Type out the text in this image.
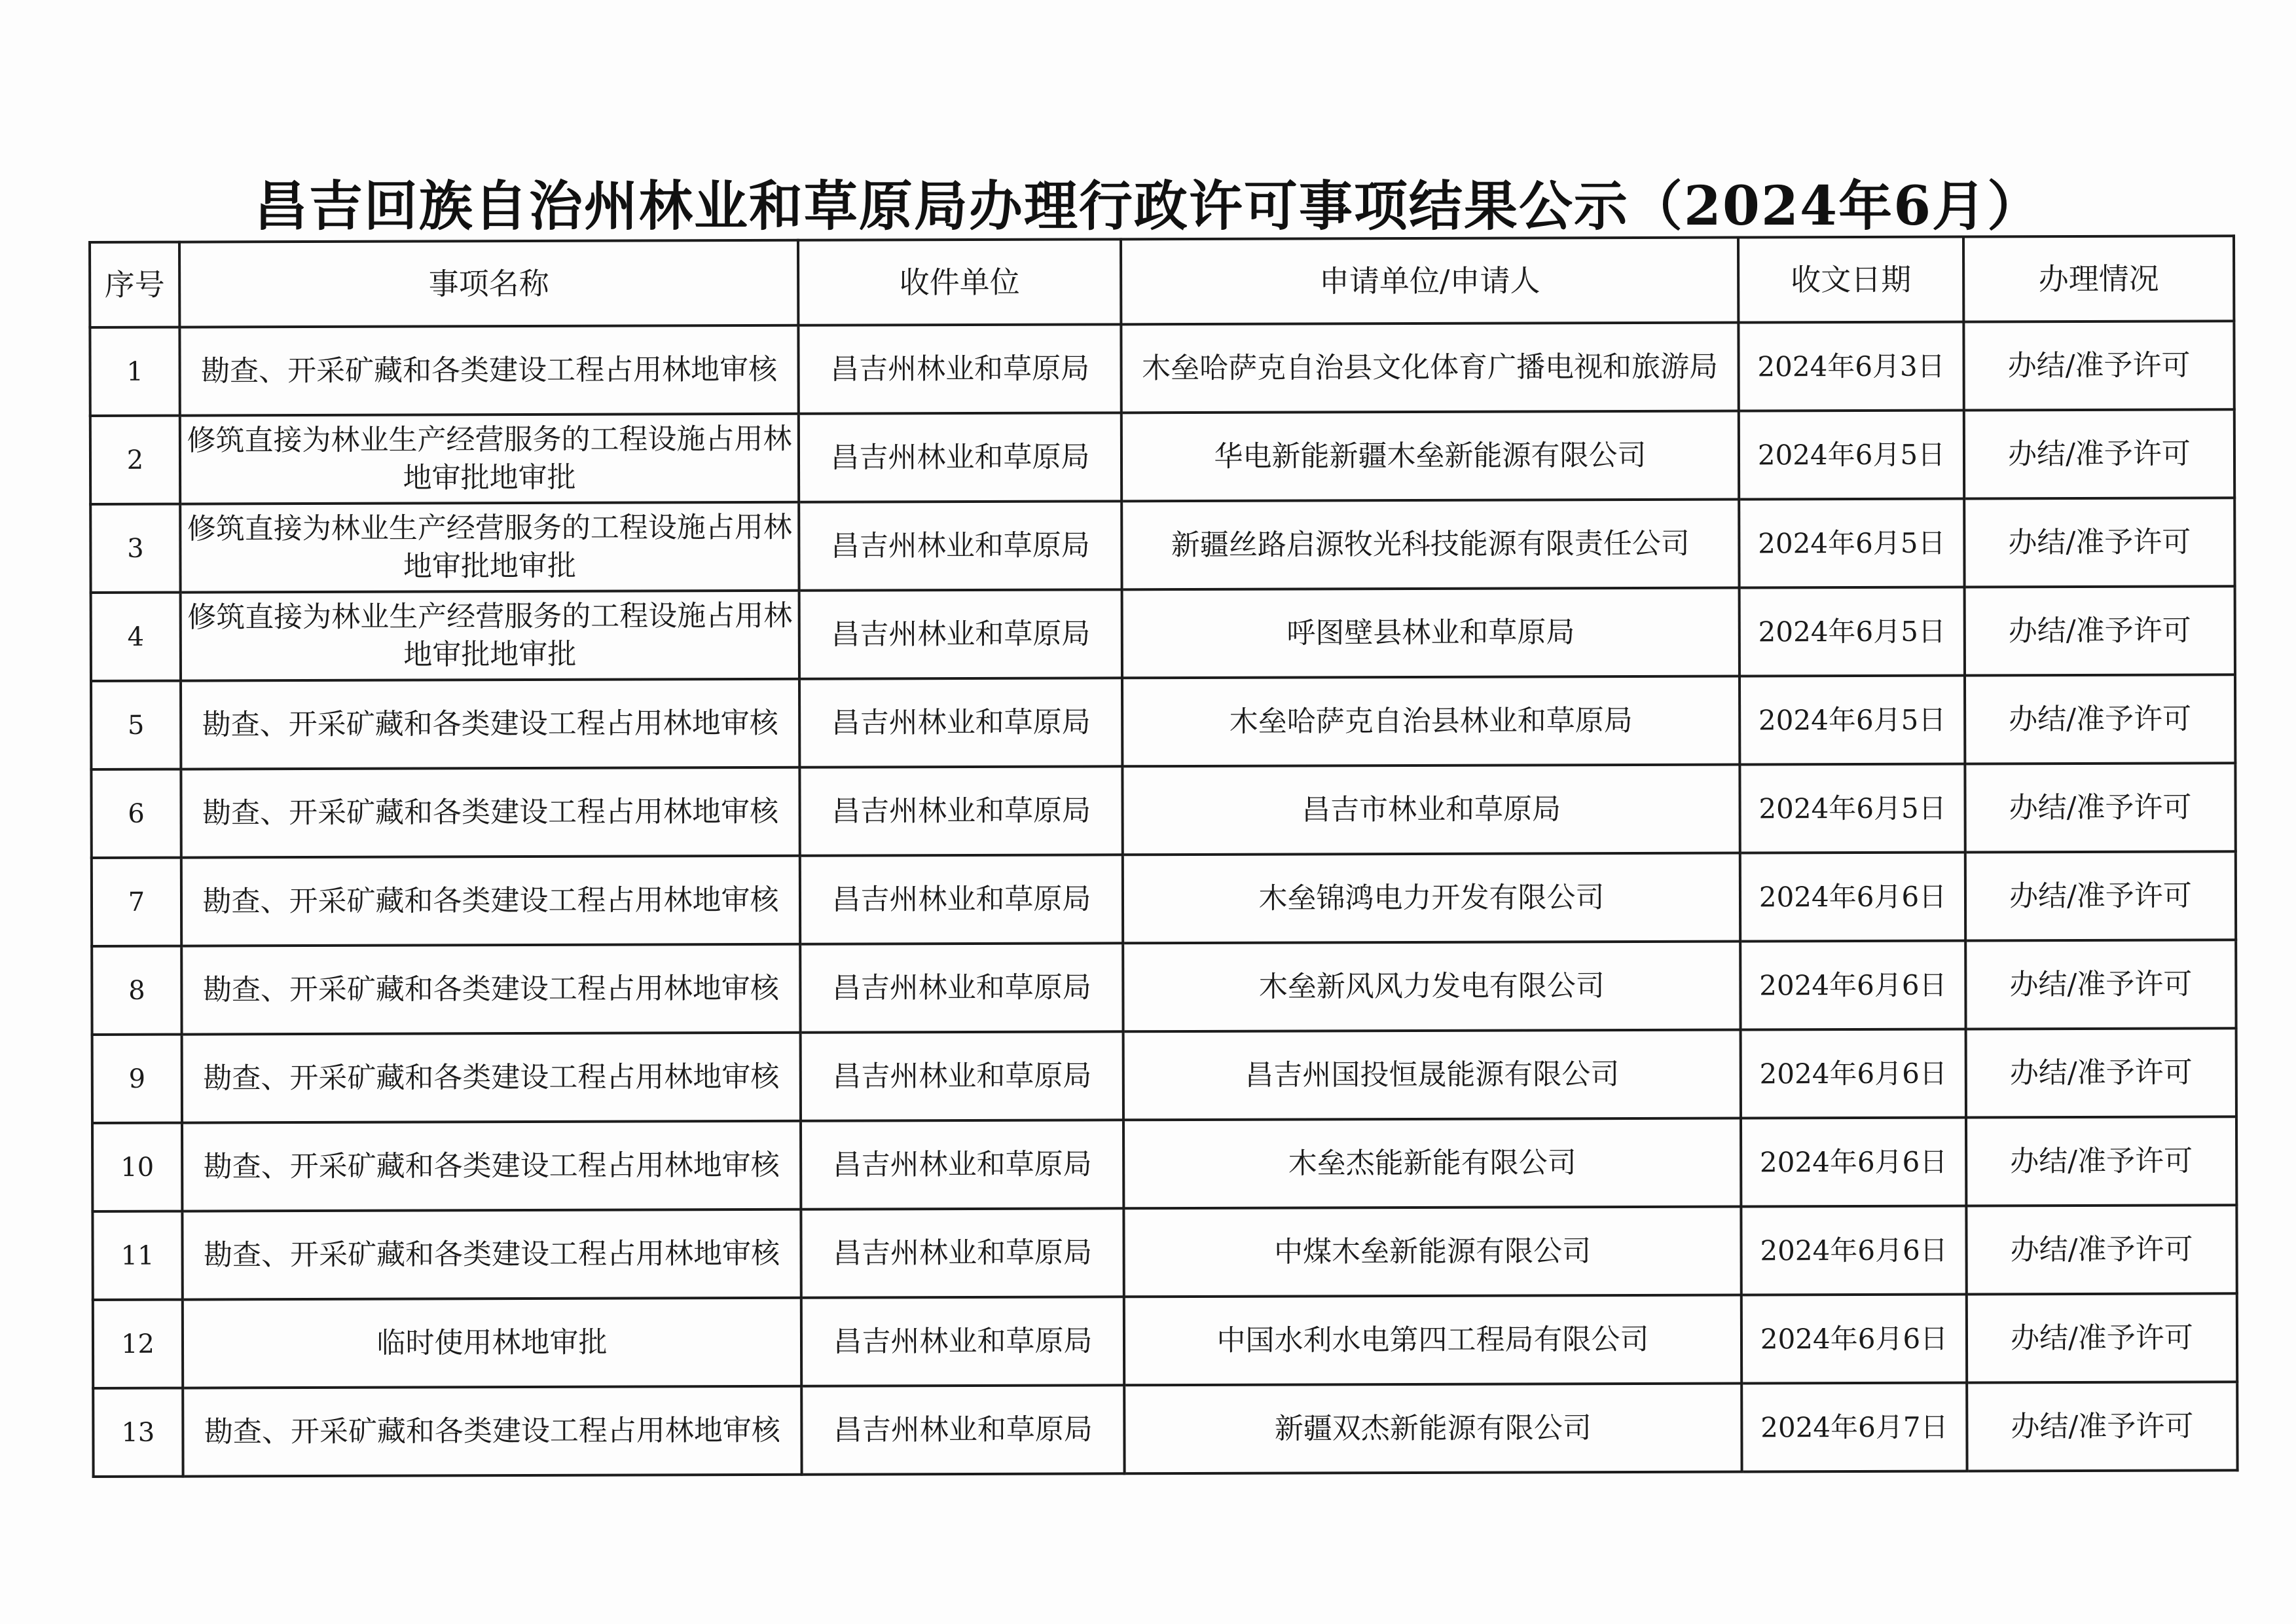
昌吉回族自治州林业和草原局办理行政许可事项结果公示（2024年6月）
序号	事项名称	收件单位	申请单位/申请人	收文日期	办理情况
1	勘查、开采矿藏和各类建设工程占用林地审核	昌吉州林业和草原局	木垒哈萨克自治县文化体育广播电视和旅游局	2024年6月3日	办结/准予许可
2	修筑直接为林业生产经营服务的工程设施占用林地审批地审批	昌吉州林业和草原局	华电新能新疆木垒新能源有限公司	2024年6月5日	办结/准予许可
3	修筑直接为林业生产经营服务的工程设施占用林地审批地审批	昌吉州林业和草原局	新疆丝路启源牧光科技能源有限责任公司	2024年6月5日	办结/准予许可
4	修筑直接为林业生产经营服务的工程设施占用林地审批地审批	昌吉州林业和草原局	呼图壁县林业和草原局	2024年6月5日	办结/准予许可
5	勘查、开采矿藏和各类建设工程占用林地审核	昌吉州林业和草原局	木垒哈萨克自治县林业和草原局	2024年6月5日	办结/准予许可
6	勘查、开采矿藏和各类建设工程占用林地审核	昌吉州林业和草原局	昌吉市林业和草原局	2024年6月5日	办结/准予许可
7	勘查、开采矿藏和各类建设工程占用林地审核	昌吉州林业和草原局	木垒锦鸿电力开发有限公司	2024年6月6日	办结/准予许可
8	勘查、开采矿藏和各类建设工程占用林地审核	昌吉州林业和草原局	木垒新风风力发电有限公司	2024年6月6日	办结/准予许可
9	勘查、开采矿藏和各类建设工程占用林地审核	昌吉州林业和草原局	昌吉州国投恒晟能源有限公司	2024年6月6日	办结/准予许可
10	勘查、开采矿藏和各类建设工程占用林地审核	昌吉州林业和草原局	木垒杰能新能有限公司	2024年6月6日	办结/准予许可
11	勘查、开采矿藏和各类建设工程占用林地审核	昌吉州林业和草原局	中煤木垒新能源有限公司	2024年6月6日	办结/准予许可
12	临时使用林地审批	昌吉州林业和草原局	中国水利水电第四工程局有限公司	2024年6月6日	办结/准予许可
13	勘查、开采矿藏和各类建设工程占用林地审核	昌吉州林业和草原局	新疆双杰新能源有限公司	2024年6月7日	办结/准予许可
